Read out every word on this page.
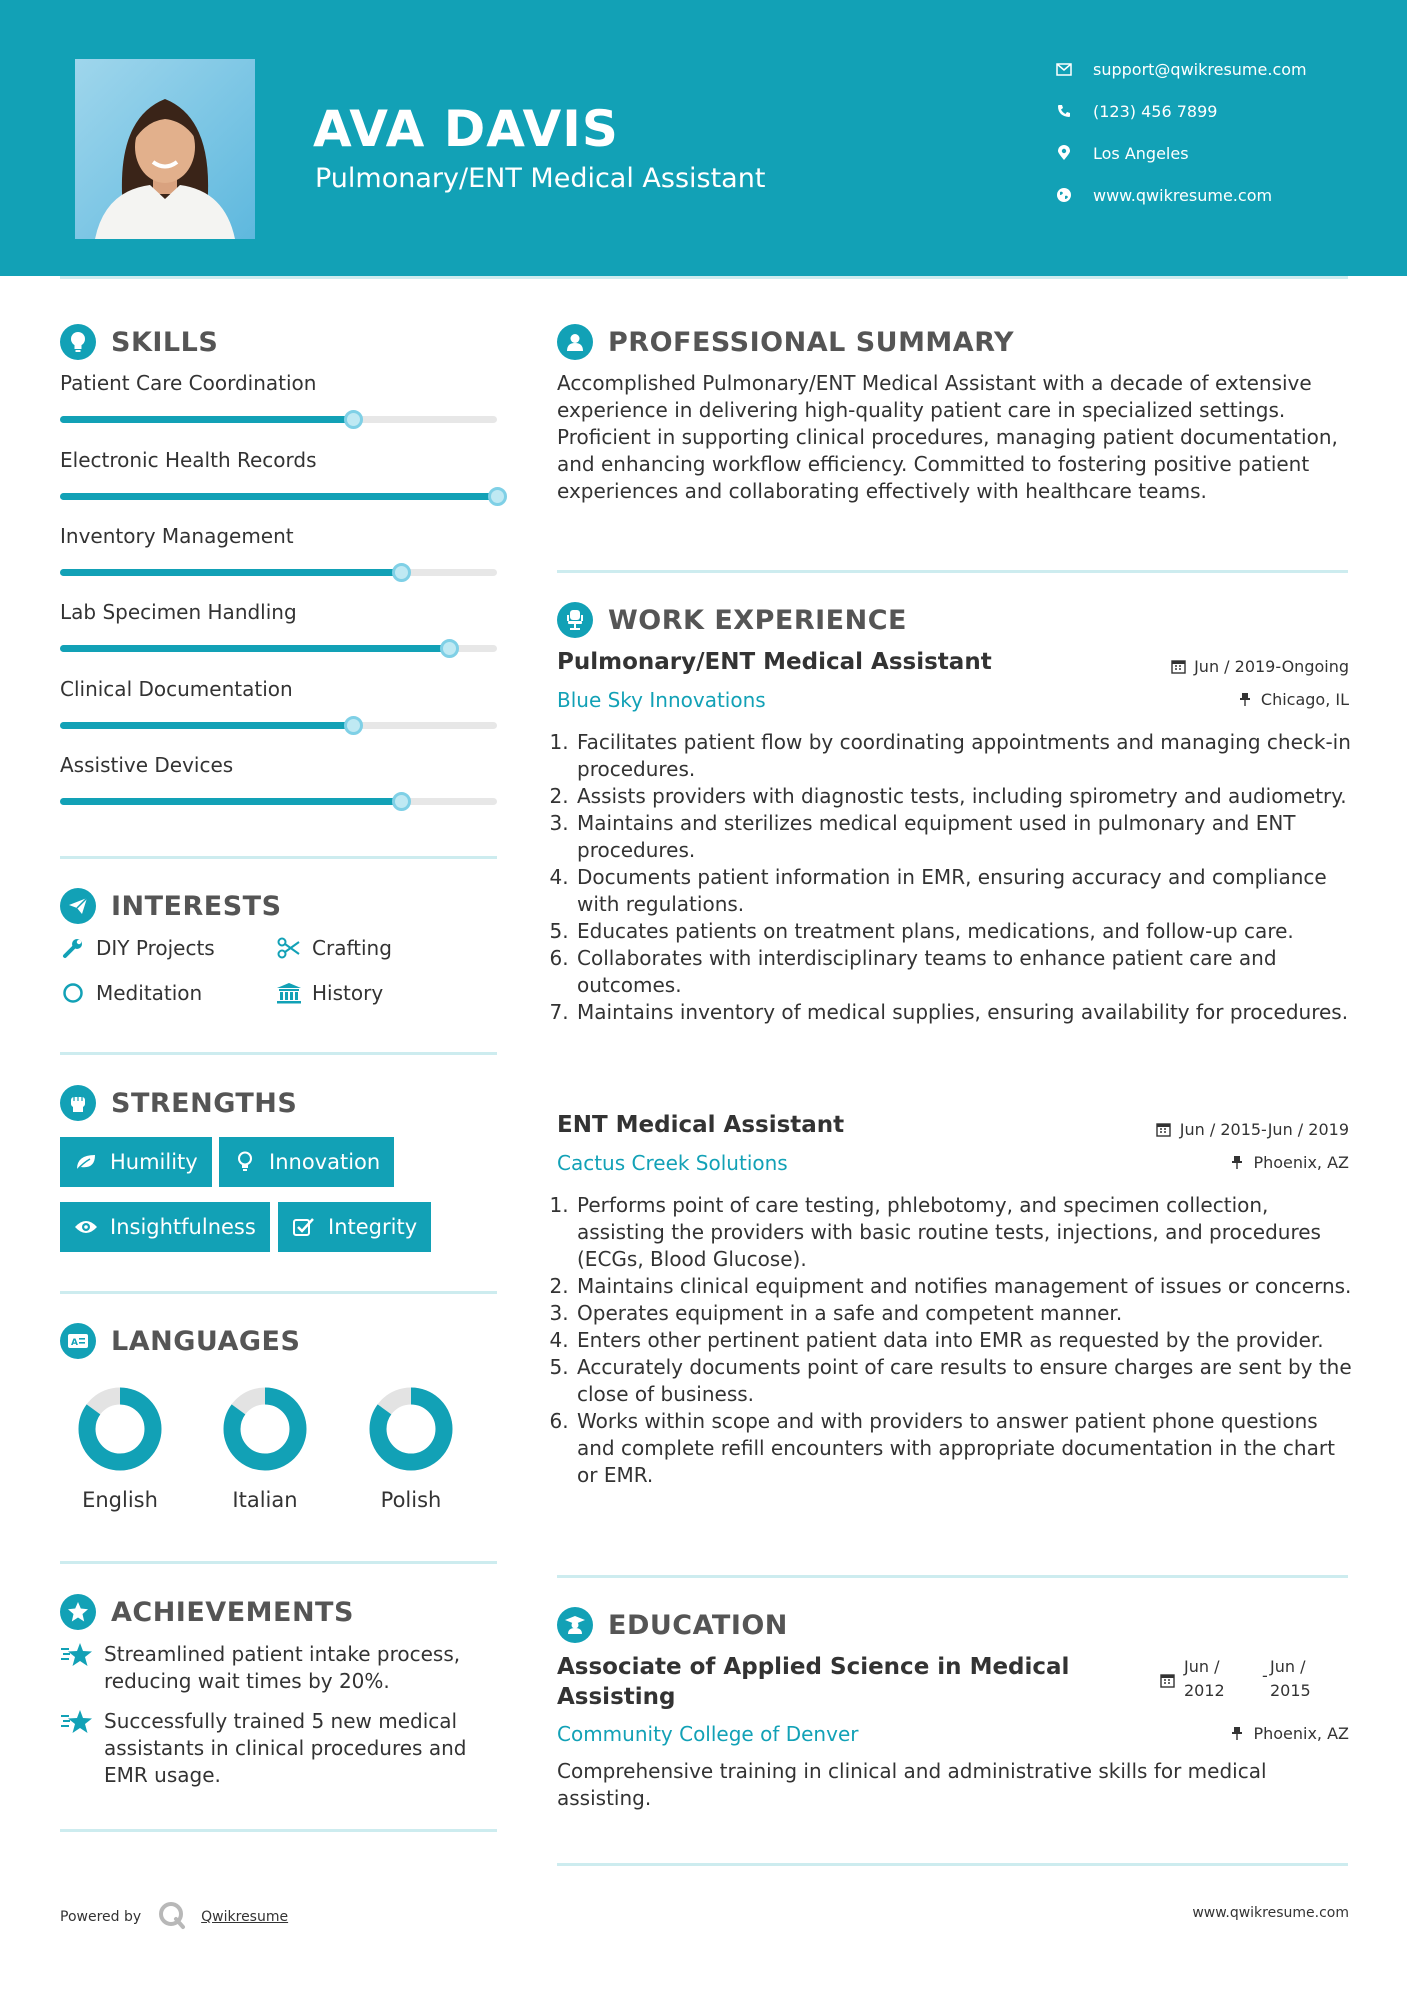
AVA DAVIS
Pulmonary/ENT Medical Assistant
support@qwikresume.com
(123) 456 7899
Los Angeles
www.qwikresume.com
SKILLS
Patient Care Coordination
Electronic Health Records
Inventory Management
Lab Specimen Handling
Clinical Documentation
Assistive Devices
INTERESTS
DIY Projects	Crafting
Meditation	History
STRENGTHS
Humility	Innovation
Insightfulness	Integrity
A LANGUAGES
English	Italian	Polish
ACHIEVEMENTS
Streamlined patient intake process, reducing wait times by 20%.
Successfully trained 5 new medical assistants in clinical procedures and EMR usage.
PROFESSIONAL SUMMARY
Accomplished Pulmonary/ENT Medical Assistant with a decade of extensive experience in delivering high-quality patient care in specialized settings. Proficient in supporting clinical procedures, managing patient documentation, and enhancing workflow efficiency. Committed to fostering positive patient experiences and collaborating effectively with healthcare teams.
WORK EXPERIENCE
Pulmonary/ENT Medical Assistant	Jun / 2019-Ongoing
Blue Sky Innovations	Chicago, IL
1. Facilitates patient flow by coordinating appointments and managing check-in procedures.
2. Assists providers with diagnostic tests, including spirometry and audiometry.
3. Maintains and sterilizes medical equipment used in pulmonary and ENT procedures.
4. Documents patient information in EMR, ensuring accuracy and compliance with regulations.
5. Educates patients on treatment plans, medications, and follow-up care.
6. Collaborates with interdisciplinary teams to enhance patient care and outcomes.
7. Maintains inventory of medical supplies, ensuring availability for procedures.
ENT Medical Assistant	Jun / 2015-Jun / 2019
Cactus Creek Solutions	Phoenix, AZ
1. Performs point of care testing, phlebotomy, and specimen collection, assisting the providers with basic routine tests, injections, and procedures (ECGs, Blood Glucose).
2. Maintains clinical equipment and notifies management of issues or concerns.
3. Operates equipment in a safe and competent manner.
4. Enters other pertinent patient data into EMR as requested by the provider.
5. Accurately documents point of care results to ensure charges are sent by the close of business.
6. Works within scope and with providers to answer patient phone questions and complete refill encounters with appropriate documentation in the chart or EMR.
EDUCATION
Associate of Applied Science in Medical Assisting
Jun /
2012
- Jun /
2015
Community College of Denver	Phoenix, AZ
Comprehensive training in clinical and administrative skills for medical assisting.
Powered by	Qwikresume	www.qwikresume.com
